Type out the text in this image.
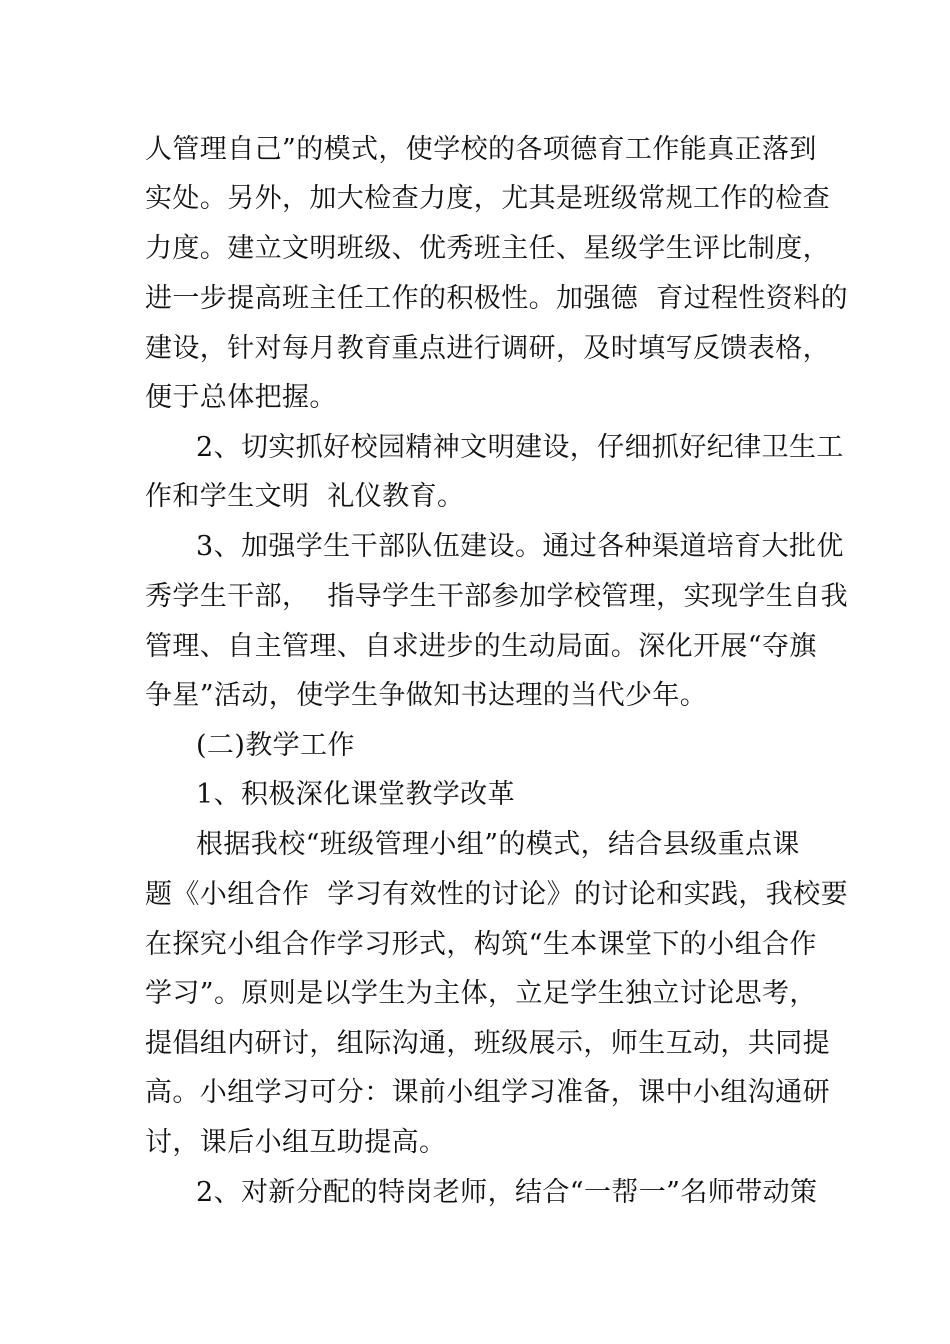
人管理自己”的模式，使学校的各项德育工作能真正落到
实处。另外，加大检查力度，尤其是班级常规工作的检查
力度。建立文明班级、优秀班主任、星级学生评比制度，
进一步提高班主任工作的积极性。加强德  育过程性资料的
建设，针对每月教育重点进行调研，及时填写反馈表格，
便于总体把握。
2、切实抓好校园精神文明建设，仔细抓好纪律卫生工
作和学生文明  礼仪教育。
3、加强学生干部队伍建设。通过各种渠道培育大批优
秀学生干部，  指导学生干部参加学校管理，实现学生自我
管理、自主管理、自求进步的生动局面。深化开展“夺旗
争星”活动，使学生争做知书达理的当代少年。
(二)教学工作
1、积极深化课堂教学改革
根据我校“班级管理小组”的模式，结合县级重点课
题《小组合作  学习有效性的讨论》的讨论和实践，我校要
在探究小组合作学习形式，构筑“生本课堂下的小组合作
学习”。原则是以学生为主体，立足学生独立讨论思考，
提倡组内研讨，组际沟通，班级展示，师生互动，共同提
高。小组学习可分：课前小组学习准备，课中小组沟通研
讨，课后小组互助提高。
2、对新分配的特岗老师，结合“一帮一”名师带动策
